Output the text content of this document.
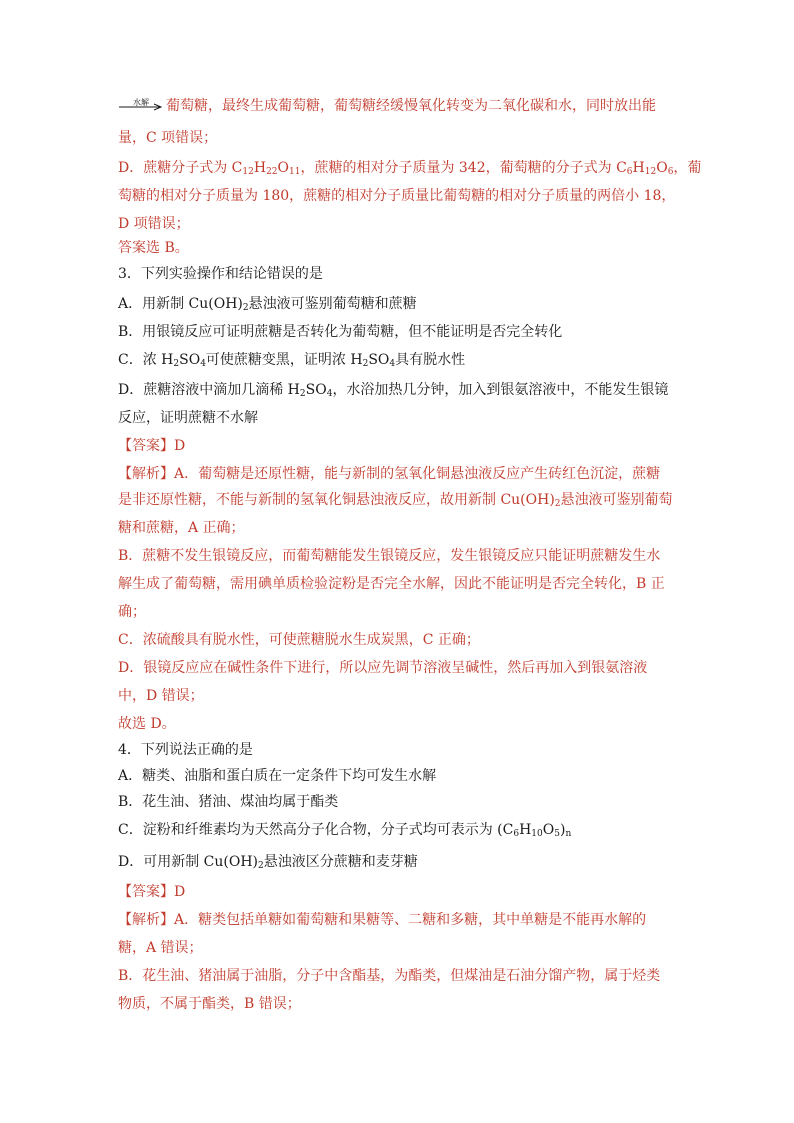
水解 葡萄糖，最终生成葡萄糖，葡萄糖经缓慢氧化转变为二氧化碳和水，同时放出能
量，C 项错误；
D．蔗糖分子式为 $C_{12}H_{22}O_{11}$，蔗糖的相对分子质量为 342，葡萄糖的分子式为 $C_6H_{12}O_6$，葡
萄糖的相对分子质量为 180，蔗糖的相对分子质量比葡萄糖的相对分子质量的两倍小 18，
D 项错误；
答案选 B。
3．下列实验操作和结论错误的是
A．用新制 $Cu(OH)_2$悬浊液可鉴别葡萄糖和蔗糖
B．用银镜反应可证明蔗糖是否转化为葡萄糖，但不能证明是否完全转化
C．浓 $H_2SO_4$可使蔗糖变黑，证明浓 $H_2SO_4$具有脱水性
D．蔗糖溶液中滴加几滴稀 $H_2SO_4$，水浴加热几分钟，加入到银氨溶液中，不能发生银镜
反应，证明蔗糖不水解
【答案】D
【解析】A．葡萄糖是还原性糖，能与新制的氢氧化铜悬浊液反应产生砖红色沉淀，蔗糖
是非还原性糖，不能与新制的氢氧化铜悬浊液反应，故用新制 $Cu(OH)_2$悬浊液可鉴别葡萄
糖和蔗糖，A 正确；
B．蔗糖不发生银镜反应，而葡萄糖能发生银镜反应，发生银镜反应只能证明蔗糖发生水
解生成了葡萄糖，需用碘单质检验淀粉是否完全水解，因此不能证明是否完全转化，B 正
确；
C．浓硫酸具有脱水性，可使蔗糖脱水生成炭黑，C 正确；
D．银镜反应应在碱性条件下进行，所以应先调节溶液呈碱性，然后再加入到银氨溶液
中，D 错误；
故选 D。
4．下列说法正确的是
A．糖类、油脂和蛋白质在一定条件下均可发生水解
B．花生油、猪油、煤油均属于酯类
C．淀粉和纤维素均为天然高分子化合物，分子式均可表示为 $(C_6H_{10}O_5)_n$
D．可用新制 $Cu(OH)_2$悬浊液区分蔗糖和麦芽糖
【答案】D
【解析】A．糖类包括单糖如葡萄糖和果糖等、二糖和多糖，其中单糖是不能再水解的
糖，A 错误；
B．花生油、猪油属于油脂，分子中含酯基，为酯类，但煤油是石油分馏产物，属于烃类
物质，不属于酯类，B 错误；
